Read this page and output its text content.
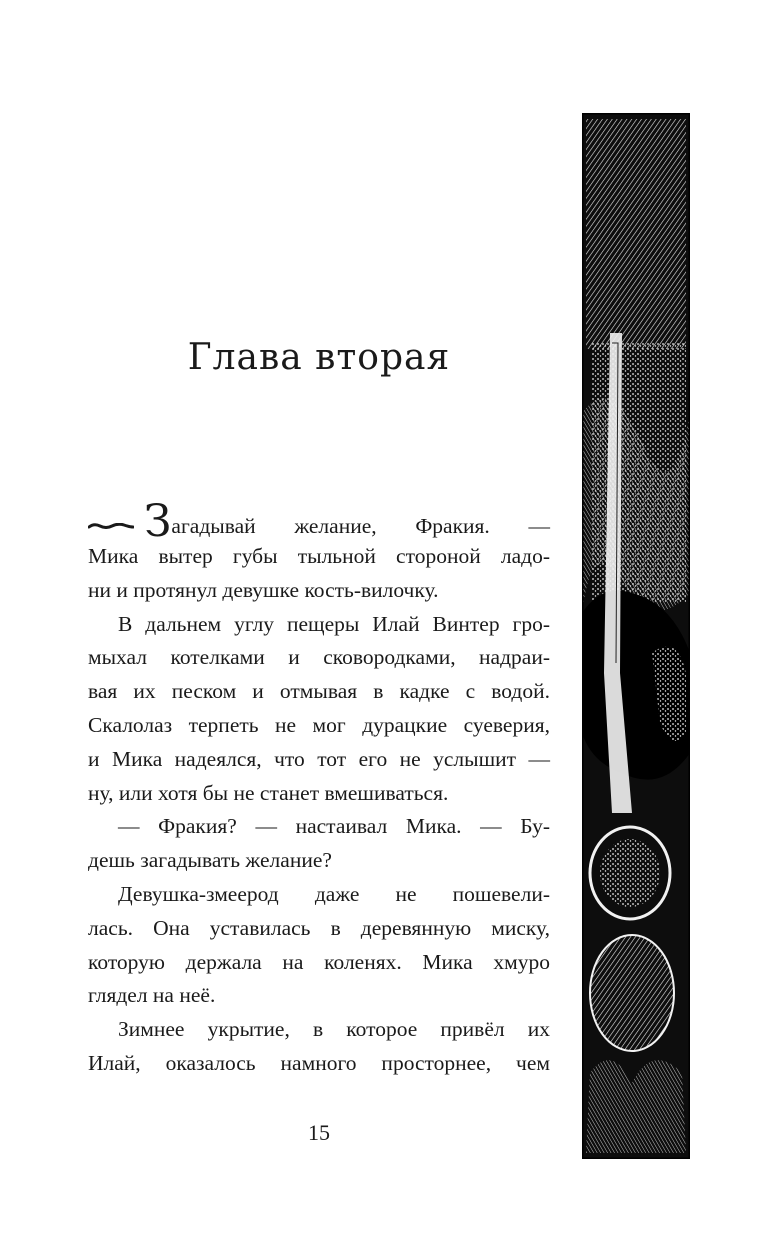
Глава вторая

Загадывай желание, Фракия. —
Мика вытер губы тыльной стороной ладо-
ни и протянул девушке кость-вилочку.

В дальнем углу пещеры Илай Винтер гро-
мыхал котелками и сковородками, надраи-
вая их песком и отмывая в кадке с водой.
Скалолаз терпеть не мог дурацкие суеверия,
и Мика надеялся, что тот его не услышит —
ну, или хотя бы не станет вмешиваться.

— Фракия? — настаивал Мика. — Бу-
дешь загадывать желание?

Девушка-змеерод даже не пошевели-
лась. Она уставилась в деревянную миску,
которую держала на коленях. Мика хмуро
глядел на неё.

Зимнее укрытие, в которое привёл их
Илай, оказалось намного просторнее, чем

15
